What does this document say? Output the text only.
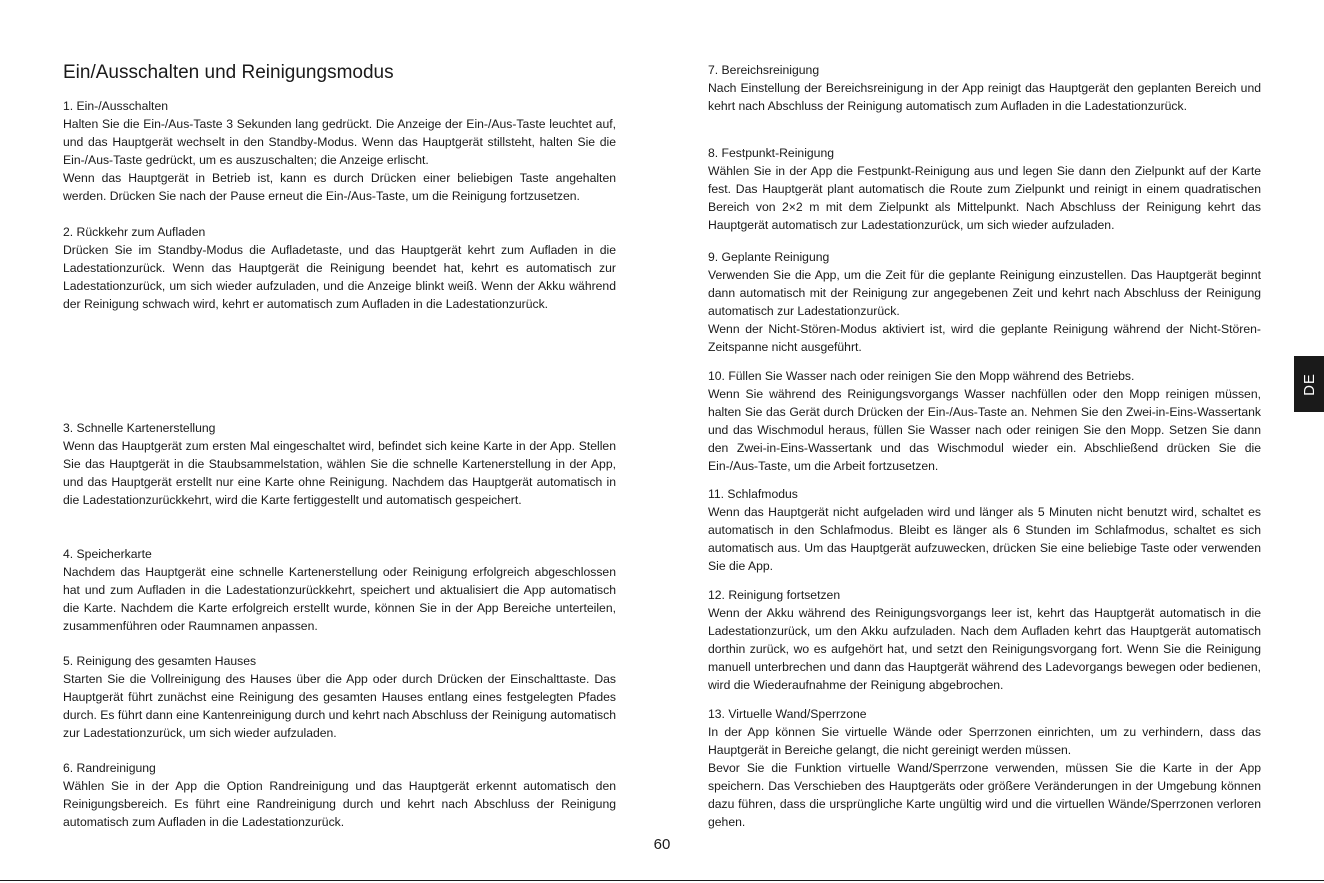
Ein/Ausschalten und Reinigungsmodus
1. Ein-/Ausschalten

Halten Sie die Ein-/Aus-Taste 3 Sekunden lang gedrückt. Die Anzeige der Ein-/Aus-Taste leuchtet auf, und das Hauptgerät wechselt in den Standby-Modus. Wenn das Hauptgerät stillsteht, halten Sie die Ein-/Aus-Taste gedrückt, um es auszuschalten; die Anzeige erlischt.

Wenn das Hauptgerät in Betrieb ist, kann es durch Drücken einer beliebigen Taste angehalten werden. Drücken Sie nach der Pause erneut die Ein-/Aus-Taste, um die Reinigung fortzusetzen.

2. Rückkehr zum Aufladen

Drücken Sie im Standby-Modus die Aufladetaste, und das Hauptgerät kehrt zum Aufladen in die Ladestationzurück. Wenn das Hauptgerät die Reinigung beendet hat, kehrt es automatisch zur Ladestationzurück, um sich wieder aufzuladen, und die Anzeige blinkt weiß. Wenn der Akku während der Reinigung schwach wird, kehrt er automatisch zum Aufladen in die Ladestationzurück.

3. Schnelle Kartenerstellung

Wenn das Hauptgerät zum ersten Mal eingeschaltet wird, befindet sich keine Karte in der App. Stellen Sie das Hauptgerät in die Staubsammelstation, wählen Sie die schnelle Kartenerstellung in der App, und das Hauptgerät erstellt nur eine Karte ohne Reinigung. Nachdem das Hauptgerät automatisch in die Ladestationzurückkehrt, wird die Karte fertiggestellt und automatisch gespeichert.

4. Speicherkarte

Nachdem das Hauptgerät eine schnelle Kartenerstellung oder Reinigung erfolgreich abgeschlossen hat und zum Aufladen in die Ladestationzurückkehrt, speichert und aktualisiert die App automatisch die Karte. Nachdem die Karte erfolgreich erstellt wurde, können Sie in der App Bereiche unterteilen, zusammenführen oder Raumnamen anpassen.

5. Reinigung des gesamten Hauses

Starten Sie die Vollreinigung des Hauses über die App oder durch Drücken der Einschalttaste. Das Hauptgerät führt zunächst eine Reinigung des gesamten Hauses entlang eines festgelegten Pfades durch. Es führt dann eine Kantenreinigung durch und kehrt nach Abschluss der Reinigung automatisch zur Ladestationzurück, um sich wieder aufzuladen.

6. Randreinigung

Wählen Sie in der App die Option Randreinigung und das Hauptgerät erkennt automatisch den Reinigungsbereich. Es führt eine Randreinigung durch und kehrt nach Abschluss der Reinigung automatisch zum Aufladen in die Ladestationzurück.

7. Bereichsreinigung

Nach Einstellung der Bereichsreinigung in der App reinigt das Hauptgerät den geplanten Bereich und kehrt nach Abschluss der Reinigung automatisch zum Aufladen in die Ladestationzurück.

8. Festpunkt-Reinigung

Wählen Sie in der App die Festpunkt-Reinigung aus und legen Sie dann den Zielpunkt auf der Karte fest. Das Hauptgerät plant automatisch die Route zum Zielpunkt und reinigt in einem quadratischen Bereich von 2×2 m mit dem Zielpunkt als Mittelpunkt. Nach Abschluss der Reinigung kehrt das Hauptgerät automatisch zur Ladestationzurück, um sich wieder aufzuladen.

9. Geplante Reinigung

Verwenden Sie die App, um die Zeit für die geplante Reinigung einzustellen. Das Hauptgerät beginnt dann automatisch mit der Reinigung zur angegebenen Zeit und kehrt nach Abschluss der Reinigung automatisch zur Ladestationzurück.

Wenn der Nicht-Stören-Modus aktiviert ist, wird die geplante Reinigung während der Nicht-Stören-Zeitspanne nicht ausgeführt.

10. Füllen Sie Wasser nach oder reinigen Sie den Mopp während des Betriebs.

Wenn Sie während des Reinigungsvorgangs Wasser nachfüllen oder den Mopp reinigen müssen, halten Sie das Gerät durch Drücken der Ein-/Aus-Taste an. Nehmen Sie den Zwei-in-Eins-Wassertank und das Wischmodul heraus, füllen Sie Wasser nach oder reinigen Sie den Mopp. Setzen Sie dann den Zwei-in-Eins-Wassertank und das Wischmodul wieder ein. Abschließend drücken Sie die Ein-/Aus-Taste, um die Arbeit fortzusetzen.

11. Schlafmodus

Wenn das Hauptgerät nicht aufgeladen wird und länger als 5 Minuten nicht benutzt wird, schaltet es automatisch in den Schlafmodus. Bleibt es länger als 6 Stunden im Schlafmodus, schaltet es sich automatisch aus. Um das Hauptgerät aufzuwecken, drücken Sie eine beliebige Taste oder verwenden Sie die App.

12. Reinigung fortsetzen

Wenn der Akku während des Reinigungsvorgangs leer ist, kehrt das Hauptgerät automatisch in die Ladestationzurück, um den Akku aufzuladen. Nach dem Aufladen kehrt das Hauptgerät automatisch dorthin zurück, wo es aufgehört hat, und setzt den Reinigungsvorgang fort. Wenn Sie die Reinigung manuell unterbrechen und dann das Hauptgerät während des Ladevorgangs bewegen oder bedienen, wird die Wiederaufnahme der Reinigung abgebrochen.

13. Virtuelle Wand/Sperrzone

In der App können Sie virtuelle Wände oder Sperrzonen einrichten, um zu verhindern, dass das Hauptgerät in Bereiche gelangt, die nicht gereinigt werden müssen.

Bevor Sie die Funktion virtuelle Wand/Sperrzone verwenden, müssen Sie die Karte in der App speichern. Das Verschieben des Hauptgeräts oder größere Veränderungen in der Umgebung können dazu führen, dass die ursprüngliche Karte ungültig wird und die virtuellen Wände/Sperrzonen verloren gehen.

DE
60
